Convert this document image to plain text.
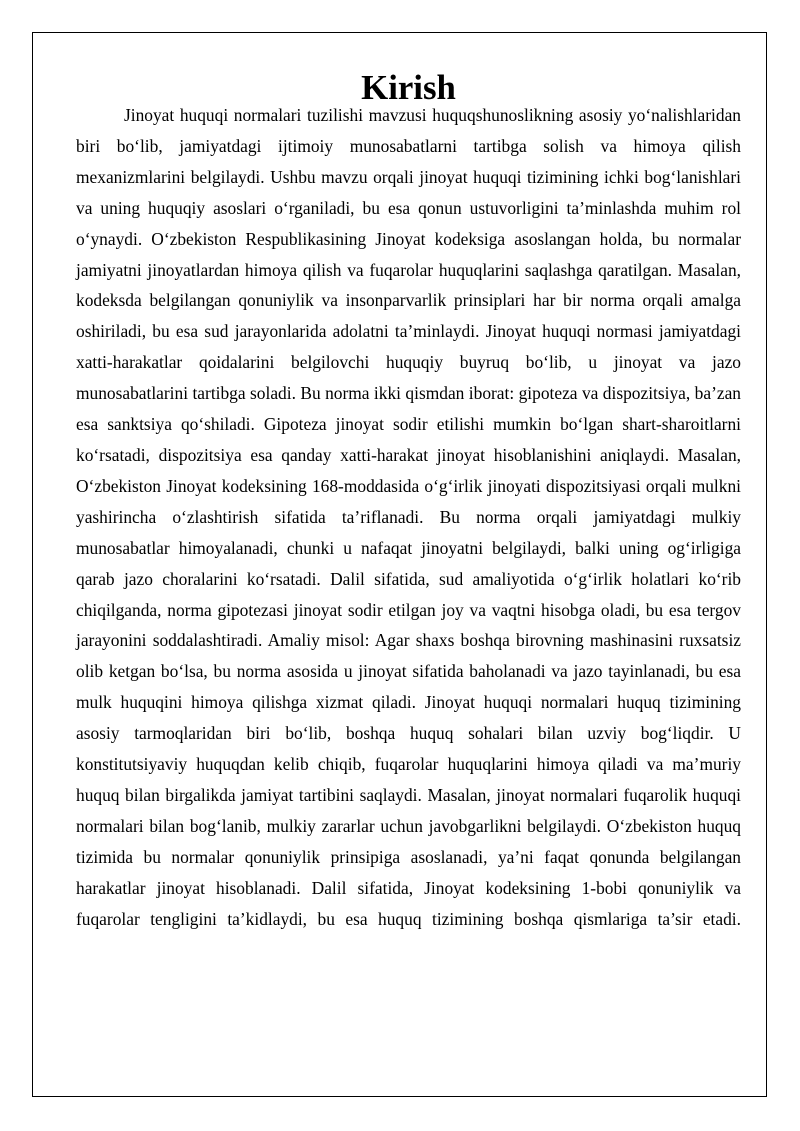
Kirish

Jinoyat huquqi normalari tuzilishi mavzusi huquqshunoslikning asosiy yo‘nalishlaridan biri bo‘lib, jamiyatdagi ijtimoiy munosabatlarni tartibga solish va himoya qilish mexanizmlarini belgilaydi. Ushbu mavzu orqali jinoyat huquqi tizimining ichki bog‘lanishlari va uning huquqiy asoslari o‘rganiladi, bu esa qonun ustuvorligini ta’minlashda muhim rol o‘ynaydi. O‘zbekiston Respublikasining Jinoyat kodeksiga asoslangan holda, bu normalar jamiyatni jinoyatlardan himoya qilish va fuqarolar huquqlarini saqlashga qaratilgan. Masalan, kodeksda belgilangan qonuniylik va insonparvarlik prinsiplari har bir norma orqali amalga oshiriladi, bu esa sud jarayonlarida adolatni ta’minlaydi. Jinoyat huquqi normasi jamiyatdagi xatti-harakatlar qoidalarini belgilovchi huquqiy buyruq bo‘lib, u jinoyat va jazo munosabatlarini tartibga soladi. Bu norma ikki qismdan iborat: gipoteza va dispozitsiya, ba’zan esa sanktsiya qo‘shiladi. Gipoteza jinoyat sodir etilishi mumkin bo‘lgan shart-sharoitlarni ko‘rsatadi, dispozitsiya esa qanday xatti-harakat jinoyat hisoblanishini aniqlaydi. Masalan, O‘zbekiston Jinoyat kodeksining 168-moddasida o‘g‘irlik jinoyati dispozitsiyasi orqali mulkni yashirincha o‘zlashtirish sifatida ta’riflanadi. Bu norma orqali jamiyatdagi mulkiy munosabatlar himoyalanadi, chunki u nafaqat jinoyatni belgilaydi, balki uning og‘irligiga qarab jazo choralarini ko‘rsatadi. Dalil sifatida, sud amaliyotida o‘g‘irlik holatlari ko‘rib chiqilganda, norma gipotezasi jinoyat sodir etilgan joy va vaqtni hisobga oladi, bu esa tergov jarayonini soddalashtiradi. Amaliy misol: Agar shaxs boshqa birovning mashinasini ruxsatsiz olib ketgan bo‘lsa, bu norma asosida u jinoyat sifatida baholanadi va jazo tayinlanadi, bu esa mulk huquqini himoya qilishga xizmat qiladi. Jinoyat huquqi normalari huquq tizimining asosiy tarmoqlaridan biri bo‘lib, boshqa huquq sohalari bilan uzviy bog‘liqdir. U konstitutsiyaviy huquqdan kelib chiqib, fuqarolar huquqlarini himoya qiladi va ma’muriy huquq bilan birgalikda jamiyat tartibini saqlaydi. Masalan, jinoyat normalari fuqarolik huquqi normalari bilan bog‘lanib, mulkiy zararlar uchun javobgarlikni belgilaydi. O‘zbekiston huquq tizimida bu normalar qonuniylik prinsipiga asoslanadi, ya’ni faqat qonunda belgilangan harakatlar jinoyat hisoblanadi. Dalil sifatida, Jinoyat kodeksining 1-bobi qonuniylik va fuqarolar tengligini ta’kidlaydi, bu esa huquq tizimining boshqa qismlariga ta’sir etadi.
